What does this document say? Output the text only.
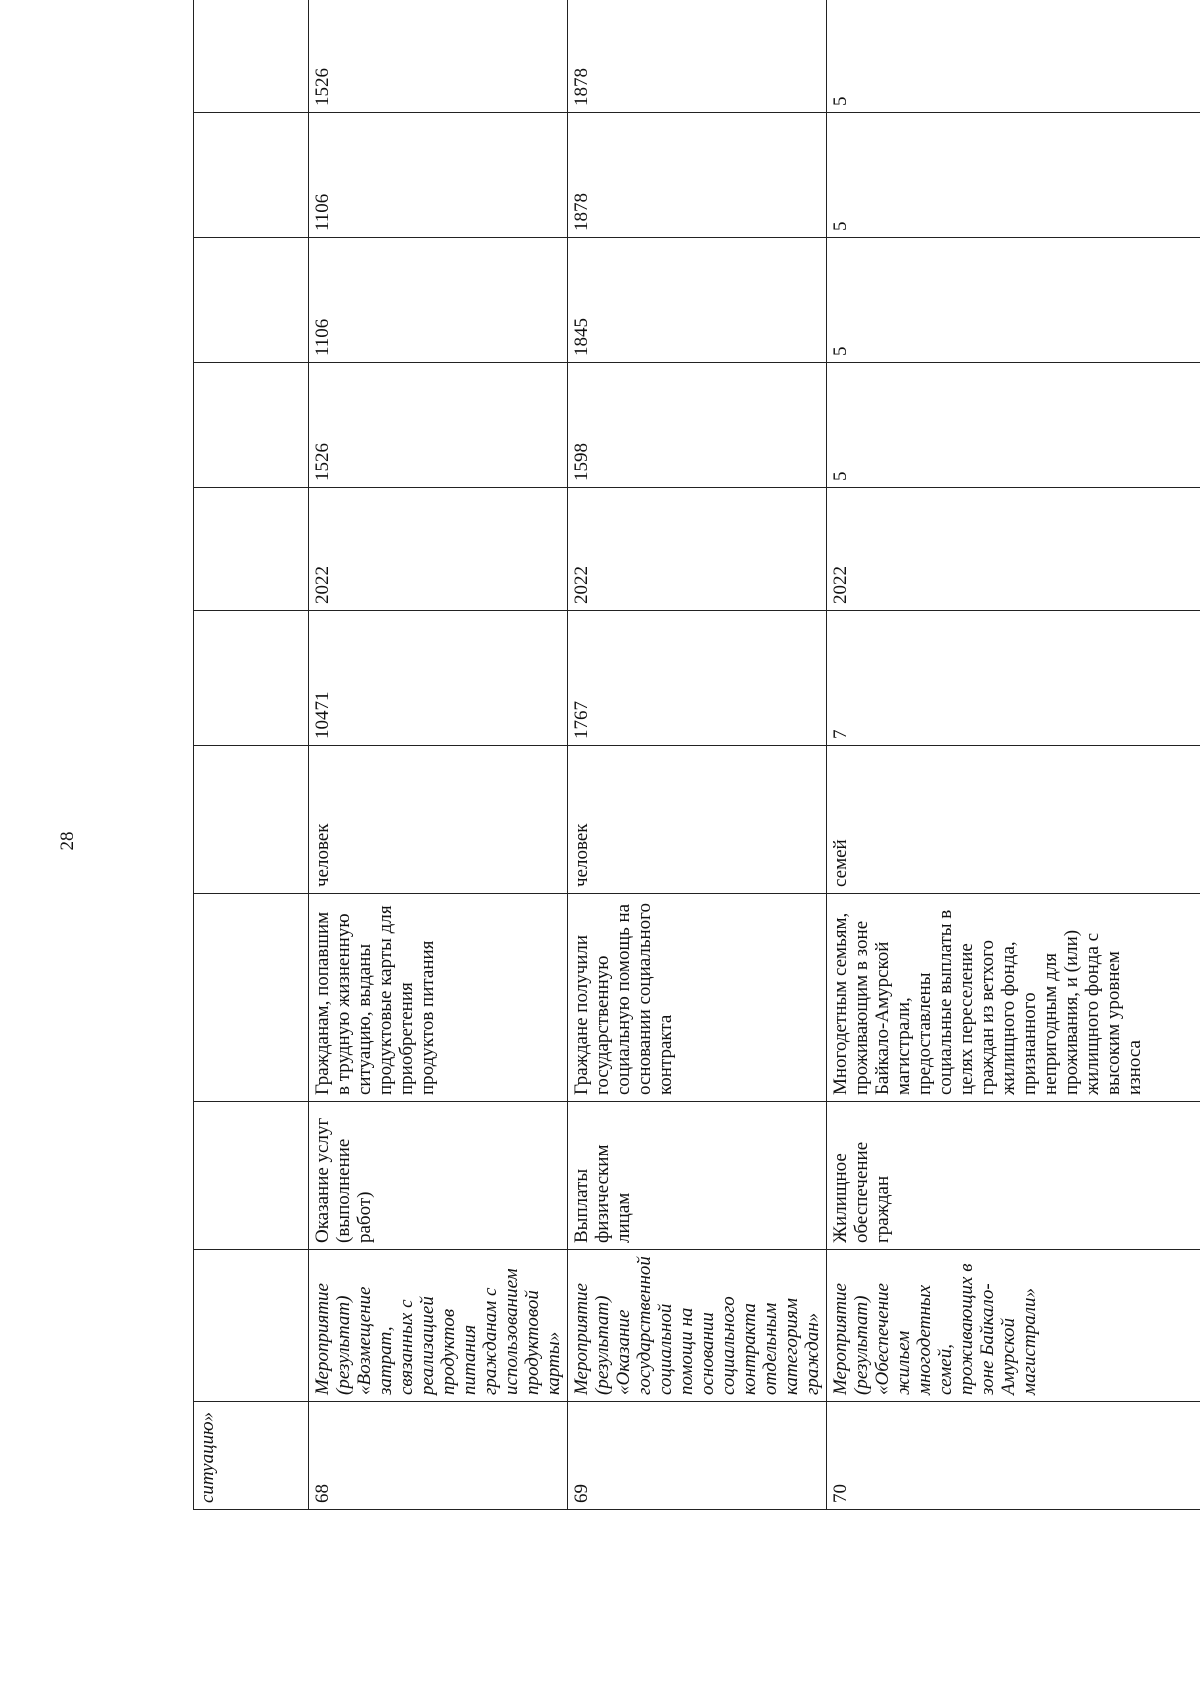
28
ситуацию»													
68	Мероприятие (результат) «Возмещение затрат, связанных с реализацией продуктов питания гражданам с использованием продуктовой карты»	Оказание услуг (выполнение работ)	Гражданам, попавшим в трудную жизненную ситуацию, выданы продуктовые карты для приобретения продуктов питания	человек	10471	2022	1526	1106	1106	1526			
69	Мероприятие (результат) «Оказание государственной социальной помощи на основании социального контракта отдельным категориям граждан»	Выплаты физическим лицам	Граждане получили государственную социальную помощь на основании социального контракта	человек	1767	2022	1598	1845	1878	1878			
70	Мероприятие (результат) «Обеспечение жильем многодетных семей, проживающих в зоне Байкало-Амурской магистрали»	Жилищное обеспечение граждан	Многодетным семьям, проживающим в зоне Байкало-Амурской магистрали, предоставлены социальные выплаты в целях переселение граждан из ветхого жилищного фонда, признанного непригодным для проживания, и (или) жилищного фонда с высоким уровнем износа	семей	7	2022	5	5	5	5			
